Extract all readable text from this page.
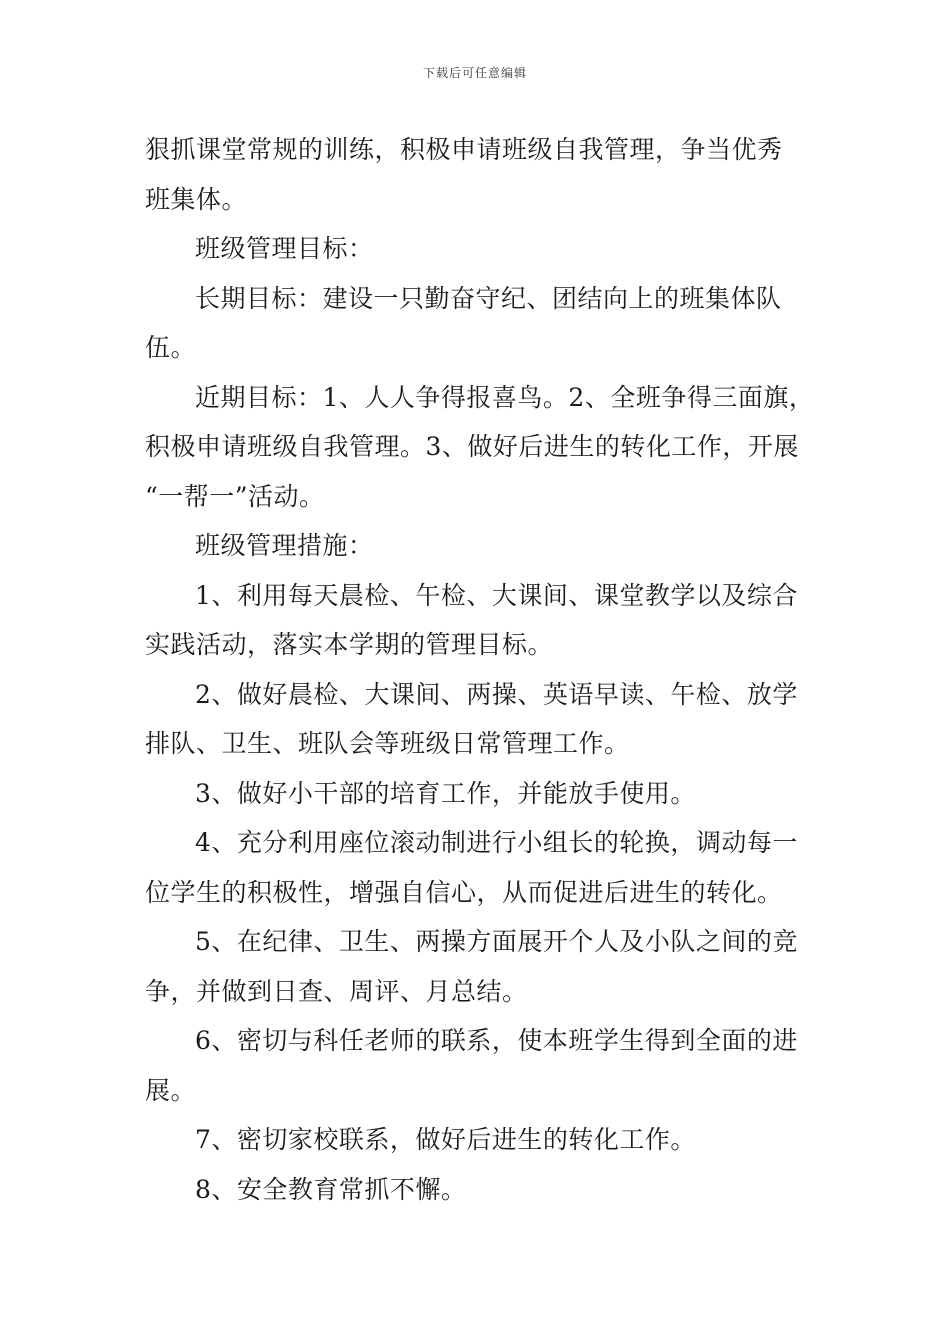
下载后可任意编辑
狠抓课堂常规的训练，积极申请班级自我管理，争当优秀
班集体。
班级管理目标：
长期目标：建设一只勤奋守纪、团结向上的班集体队
伍。
近期目标：1、人人争得报喜鸟。2、全班争得三面旗，
积极申请班级自我管理。3、做好后进生的转化工作，开展
“一帮一”活动。
班级管理措施：
1、利用每天晨检、午检、大课间、课堂教学以及综合
实践活动，落实本学期的管理目标。
2、做好晨检、大课间、两操、英语早读、午检、放学
排队、卫生、班队会等班级日常管理工作。
3、做好小干部的培育工作，并能放手使用。
4、充分利用座位滚动制进行小组长的轮换，调动每一
位学生的积极性，增强自信心，从而促进后进生的转化。
5、在纪律、卫生、两操方面展开个人及小队之间的竞
争，并做到日查、周评、月总结。
6、密切与科任老师的联系，使本班学生得到全面的进
展。
7、密切家校联系，做好后进生的转化工作。
8、安全教育常抓不懈。
